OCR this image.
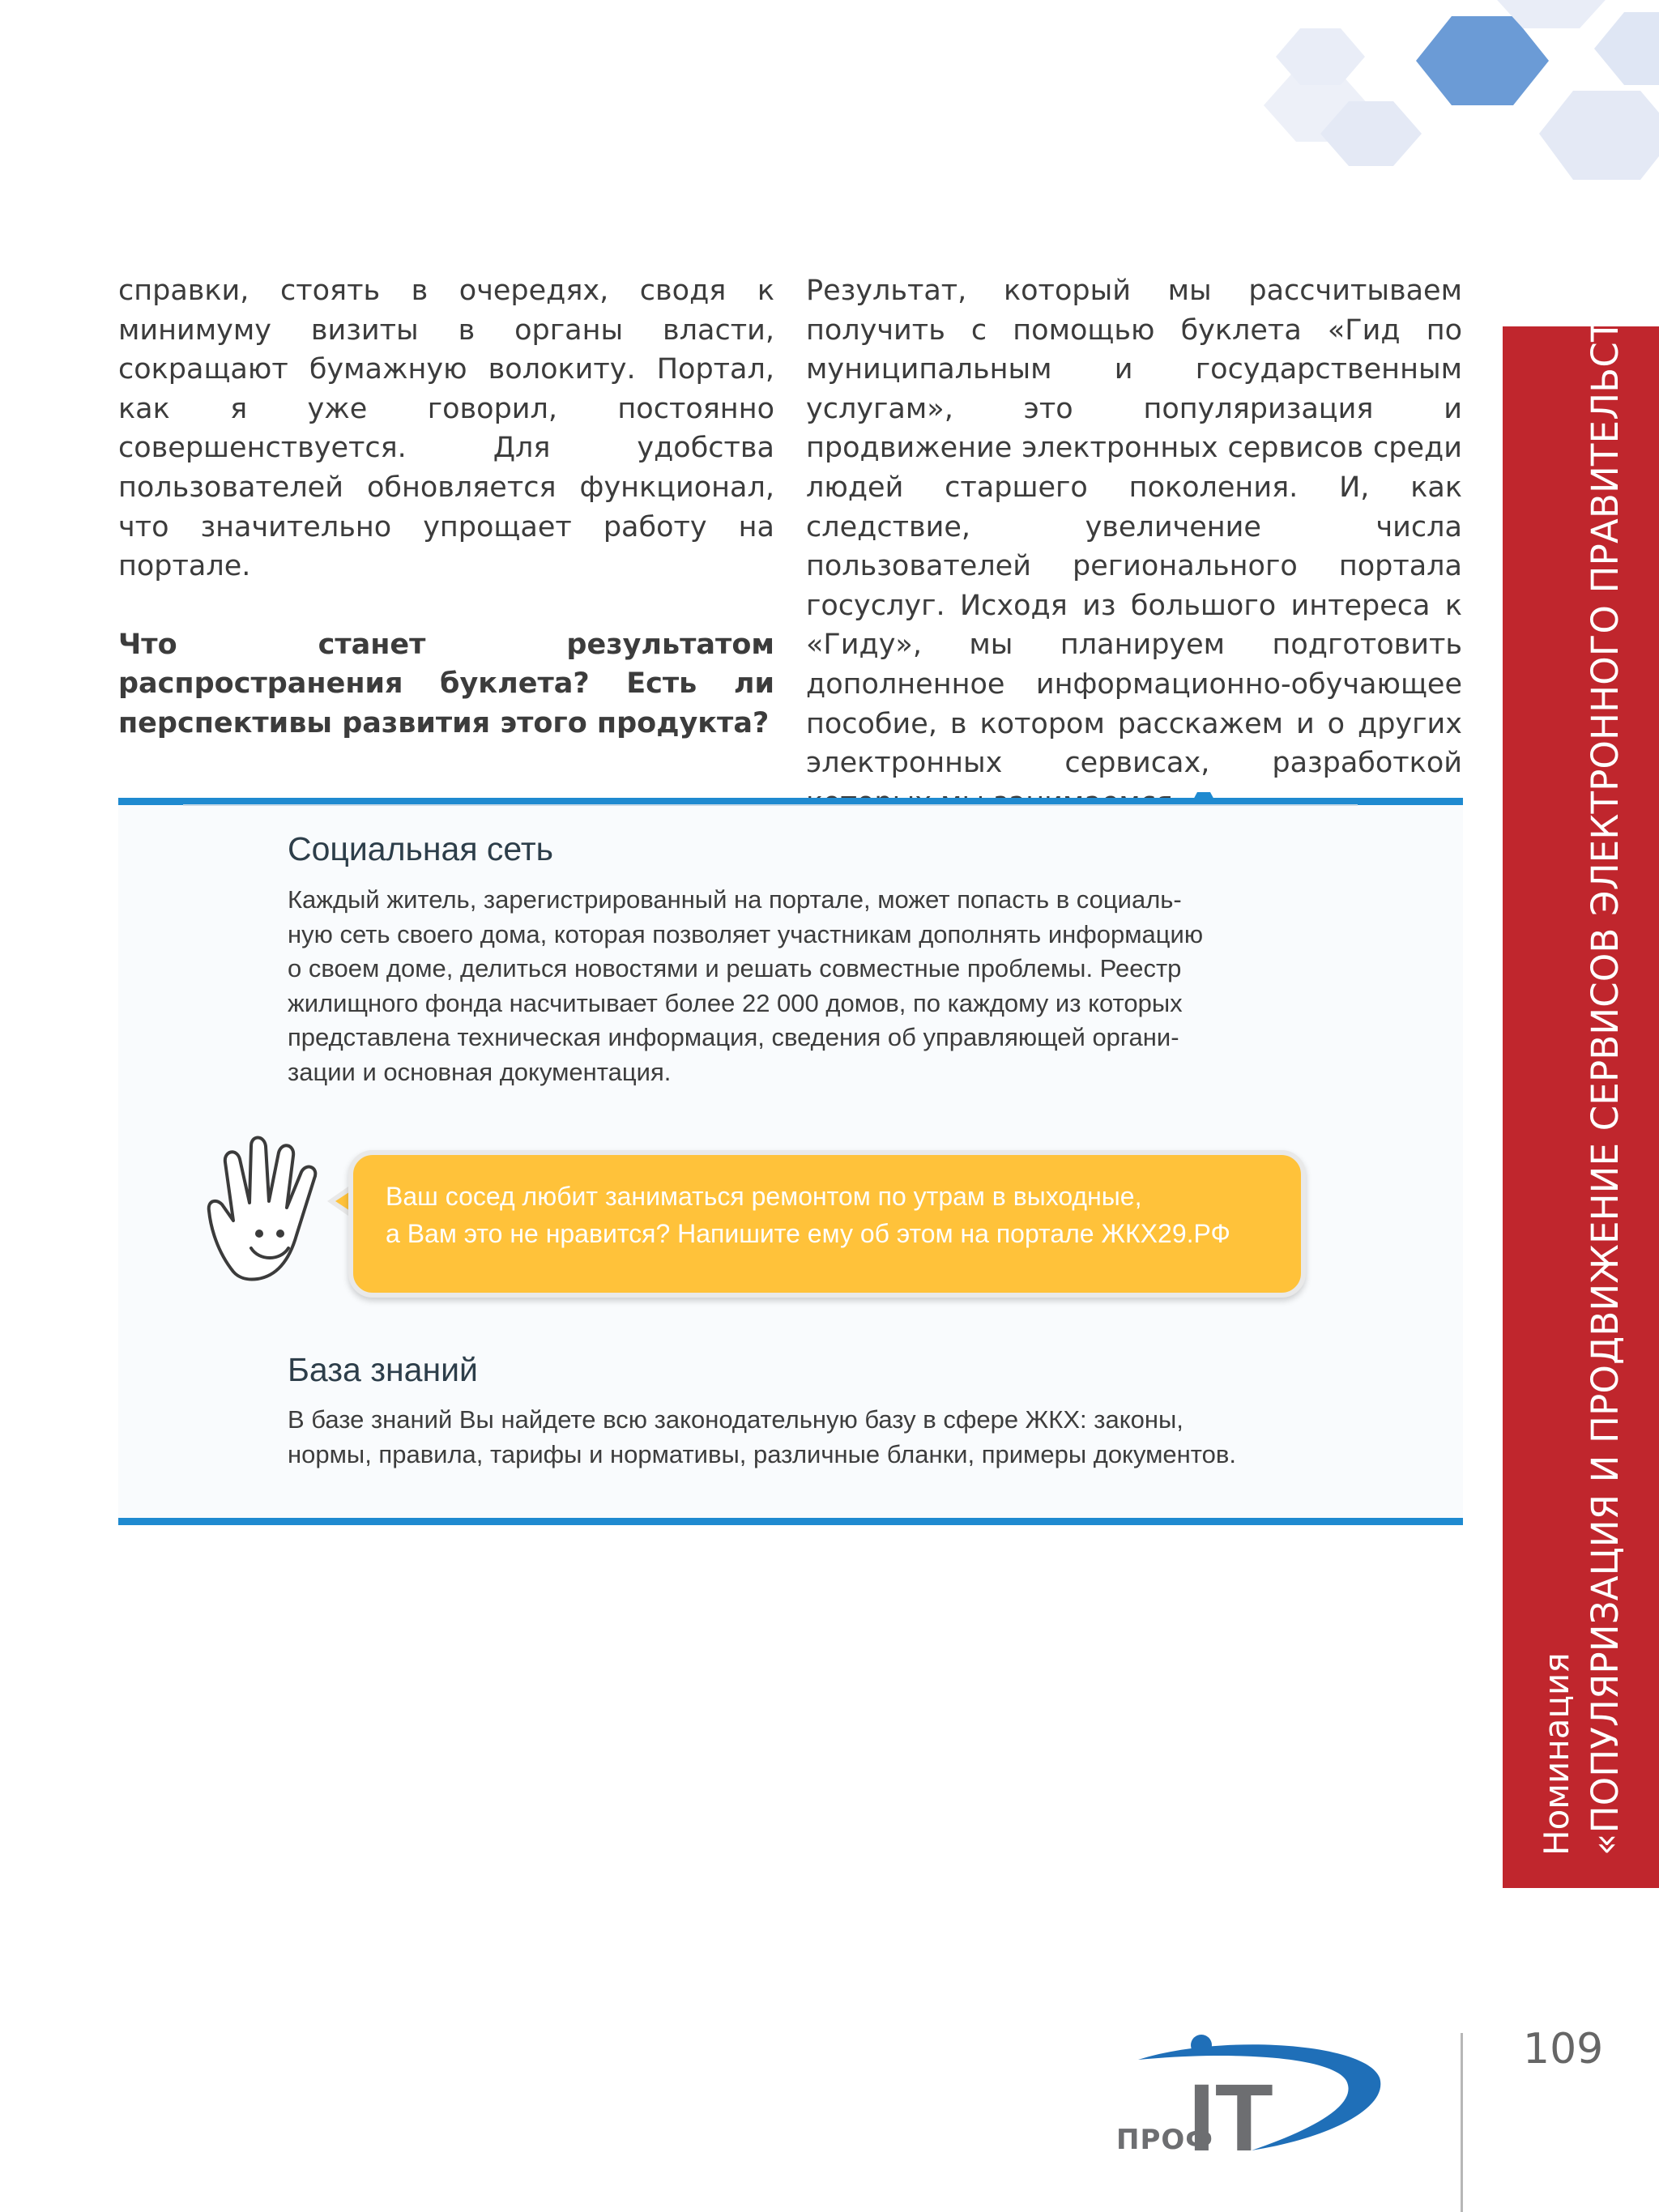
справки, стоять в очередях, сводя к минимуму визиты в органы власти, сокращают бумажную волокиту. Портал, как я уже говорил, постоянно совершенствуется. Для удобства пользователей обновляется функционал, что значительно упрощает работу на портале.

Что станет результатом распространения буклета? Есть ли перспективы развития этого продукта?

Результат, который мы рассчитываем получить с помощью буклета «Гид по муниципальным и государственным услугам», это популяризация и продвижение электронных сервисов среди людей старшего поколения. И, как следствие, увеличение числа пользователей регионального портала госуслуг. Исходя из большого интереса к «Гиду», мы планируем подготовить дополненное информационно-обучающее пособие, в котором расскажем и о других электронных сервисах, разработкой

Социальная сеть
Каждый житель, зарегистрированный на портале, может попасть в социаль-
ную сеть своего дома, которая позволяет участникам дополнять информацию
о своем доме, делиться новостями и решать совместные проблемы. Реестр
жилищного фонда насчитывает более 22 000 домов, по каждому из которых
представлена техническая информация, сведения об управляющей органи-
зации и основная документация.
Ваш сосед любит заниматься ремонтом по утрам в выходные,
а Вам это не нравится? Напишите ему об этом на портале ЖКХ29.РФ
База знаний
В базе знаний Вы найдете всю законодательную базу в сфере ЖКХ: законы,
нормы, правила, тарифы и нормативы, различные бланки, примеры документов.
Номинация «ПОПУЛЯРИЗАЦИЯ И ПРОДВИЖЕНИЕ СЕРВИСОВ ЭЛЕКТРОННОГО ПРАВИТЕЛЬСТВА»
109
IT
ПРОФ
